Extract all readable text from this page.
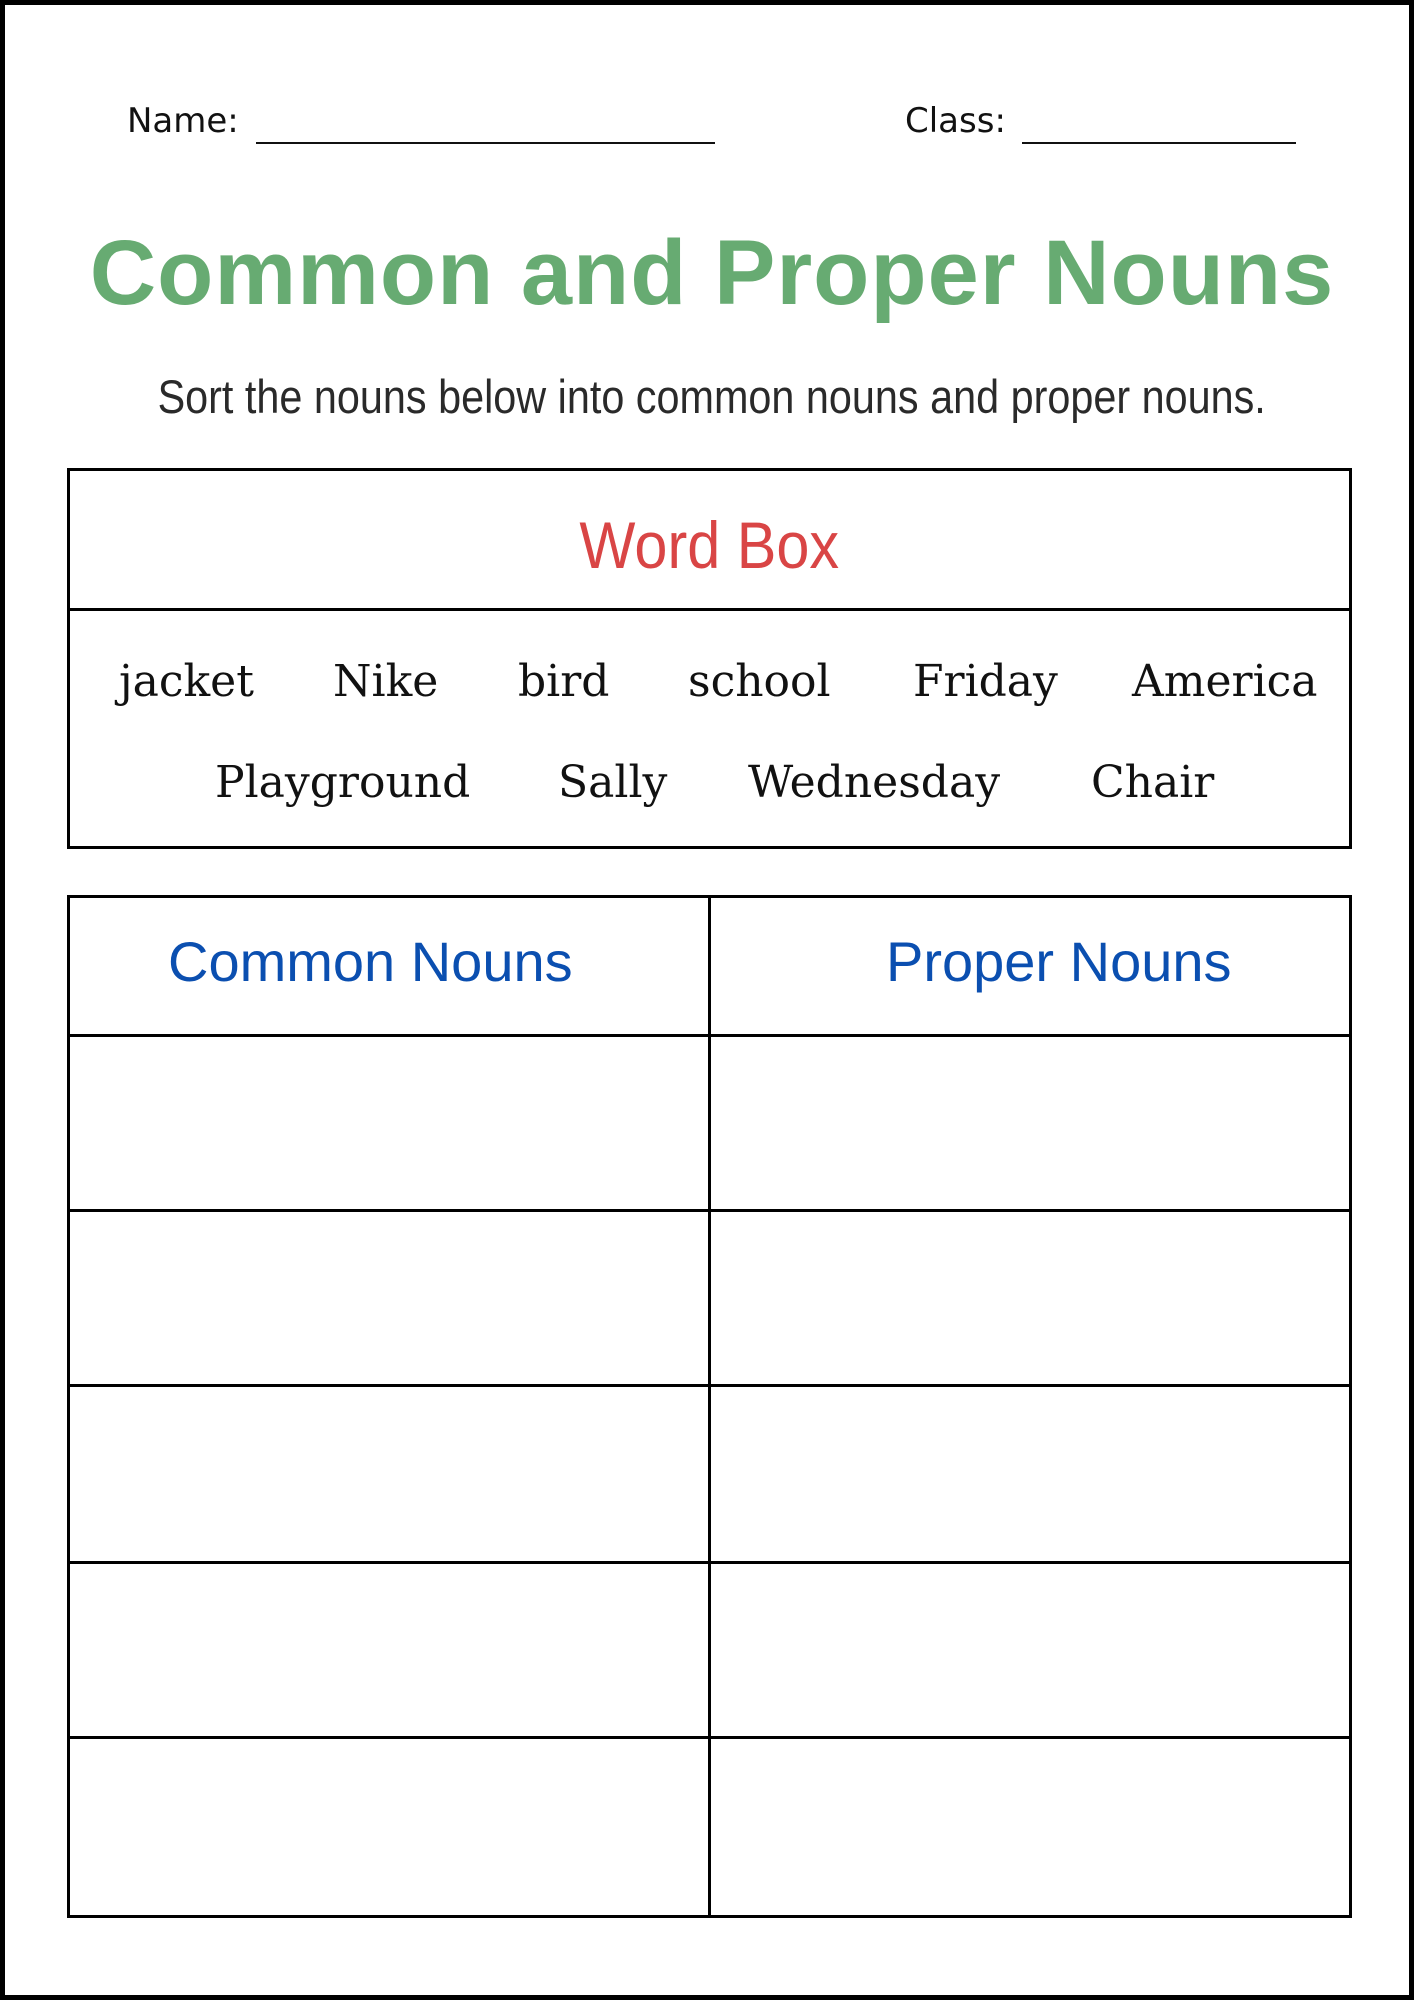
Name:	Class:
Common and Proper Nouns
Sort the nouns below into common nouns and proper nouns.
Word Box
jacket Nike bird school Friday America
Playground Sally Wednesday Chair
Common Nouns	Proper Nouns
